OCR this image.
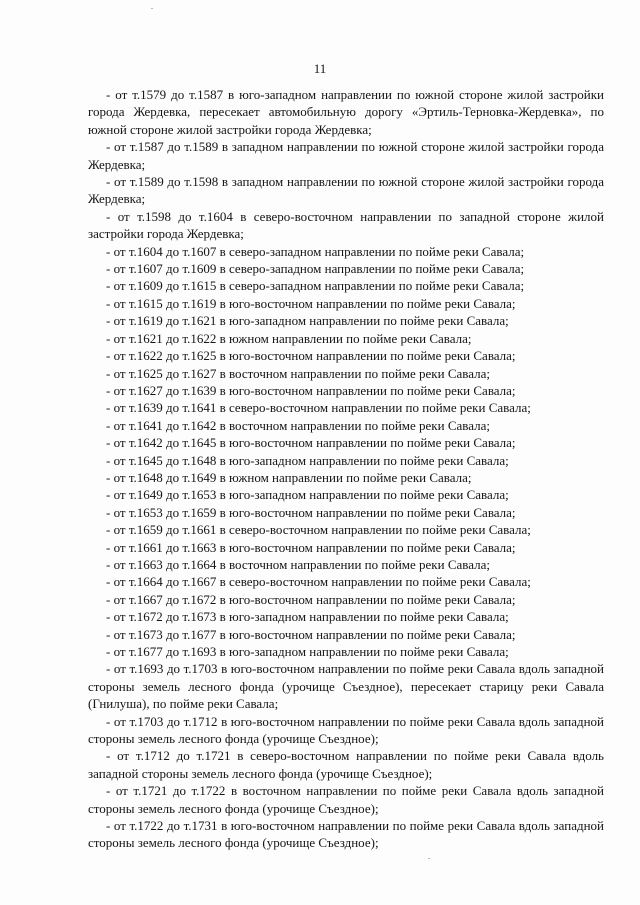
11

- от т.1579 до т.1587 в юго-западном направлении по южной стороне жилой застройки города Жердевка, пересекает автомобильную дорогу «Эртиль-Терновка-Жердевка», по южной стороне жилой застройки города Жердевка;

- от т.1587 до т.1589 в западном направлении по южной стороне жилой застройки города Жердевка;

- от т.1589 до т.1598 в западном направлении по южной стороне жилой застройки города Жердевка;

- от т.1598 до т.1604 в северо-восточном направлении по западной стороне жилой застройки города Жердевка;

- от т.1604 до т.1607 в северо-западном направлении по пойме реки Савала;

- от т.1607 до т.1609 в северо-западном направлении по пойме реки Савала;

- от т.1609 до т.1615 в северо-западном направлении по пойме реки Савала;

- от т.1615 до т.1619 в юго-восточном направлении по пойме реки Савала;

- от т.1619 до т.1621 в юго-западном направлении по пойме реки Савала;

- от т.1621 до т.1622 в южном направлении по пойме реки Савала;

- от т.1622 до т.1625 в юго-восточном направлении по пойме реки Савала;

- от т.1625 до т.1627 в восточном направлении по пойме реки Савала;

- от т.1627 до т.1639 в юго-восточном направлении по пойме реки Савала;

- от т.1639 до т.1641 в северо-восточном направлении по пойме реки Савала;

- от т.1641 до т.1642 в восточном направлении по пойме реки Савала;

- от т.1642 до т.1645 в юго-восточном направлении по пойме реки Савала;

- от т.1645 до т.1648 в юго-западном направлении по пойме реки Савала;

- от т.1648 до т.1649 в южном направлении по пойме реки Савала;

- от т.1649 до т.1653 в юго-западном направлении по пойме реки Савала;

- от т.1653 до т.1659 в юго-восточном направлении по пойме реки Савала;

- от т.1659 до т.1661 в северо-восточном направлении по пойме реки Савала;

- от т.1661 до т.1663 в юго-восточном направлении по пойме реки Савала;

- от т.1663 до т.1664 в восточном направлении по пойме реки Савала;

- от т.1664 до т.1667 в северо-восточном направлении по пойме реки Савала;

- от т.1667 до т.1672 в юго-восточном направлении по пойме реки Савала;

- от т.1672 до т.1673 в юго-западном направлении по пойме реки Савала;

- от т.1673 до т.1677 в юго-восточном направлении по пойме реки Савала;

- от т.1677 до т.1693 в юго-западном направлении по пойме реки Савала;

- от т.1693 до т.1703 в юго-восточном направлении по пойме реки Савала вдоль западной стороны земель лесного фонда (урочище Съездное), пересекает старицу реки Савала (Гнилуша), по пойме реки Савала;

- от т.1703 до т.1712 в юго-восточном направлении по пойме реки Савала вдоль западной стороны земель лесного фонда (урочище Съездное);

- от т.1712 до т.1721 в северо-восточном направлении по пойме реки Савала вдоль западной стороны земель лесного фонда (урочище Съездное);

- от т.1721 до т.1722 в восточном направлении по пойме реки Савала вдоль западной стороны земель лесного фонда (урочище Съездное);

- от т.1722 до т.1731 в юго-восточном направлении по пойме реки Савала вдоль западной стороны земель лесного фонда (урочище Съездное);
